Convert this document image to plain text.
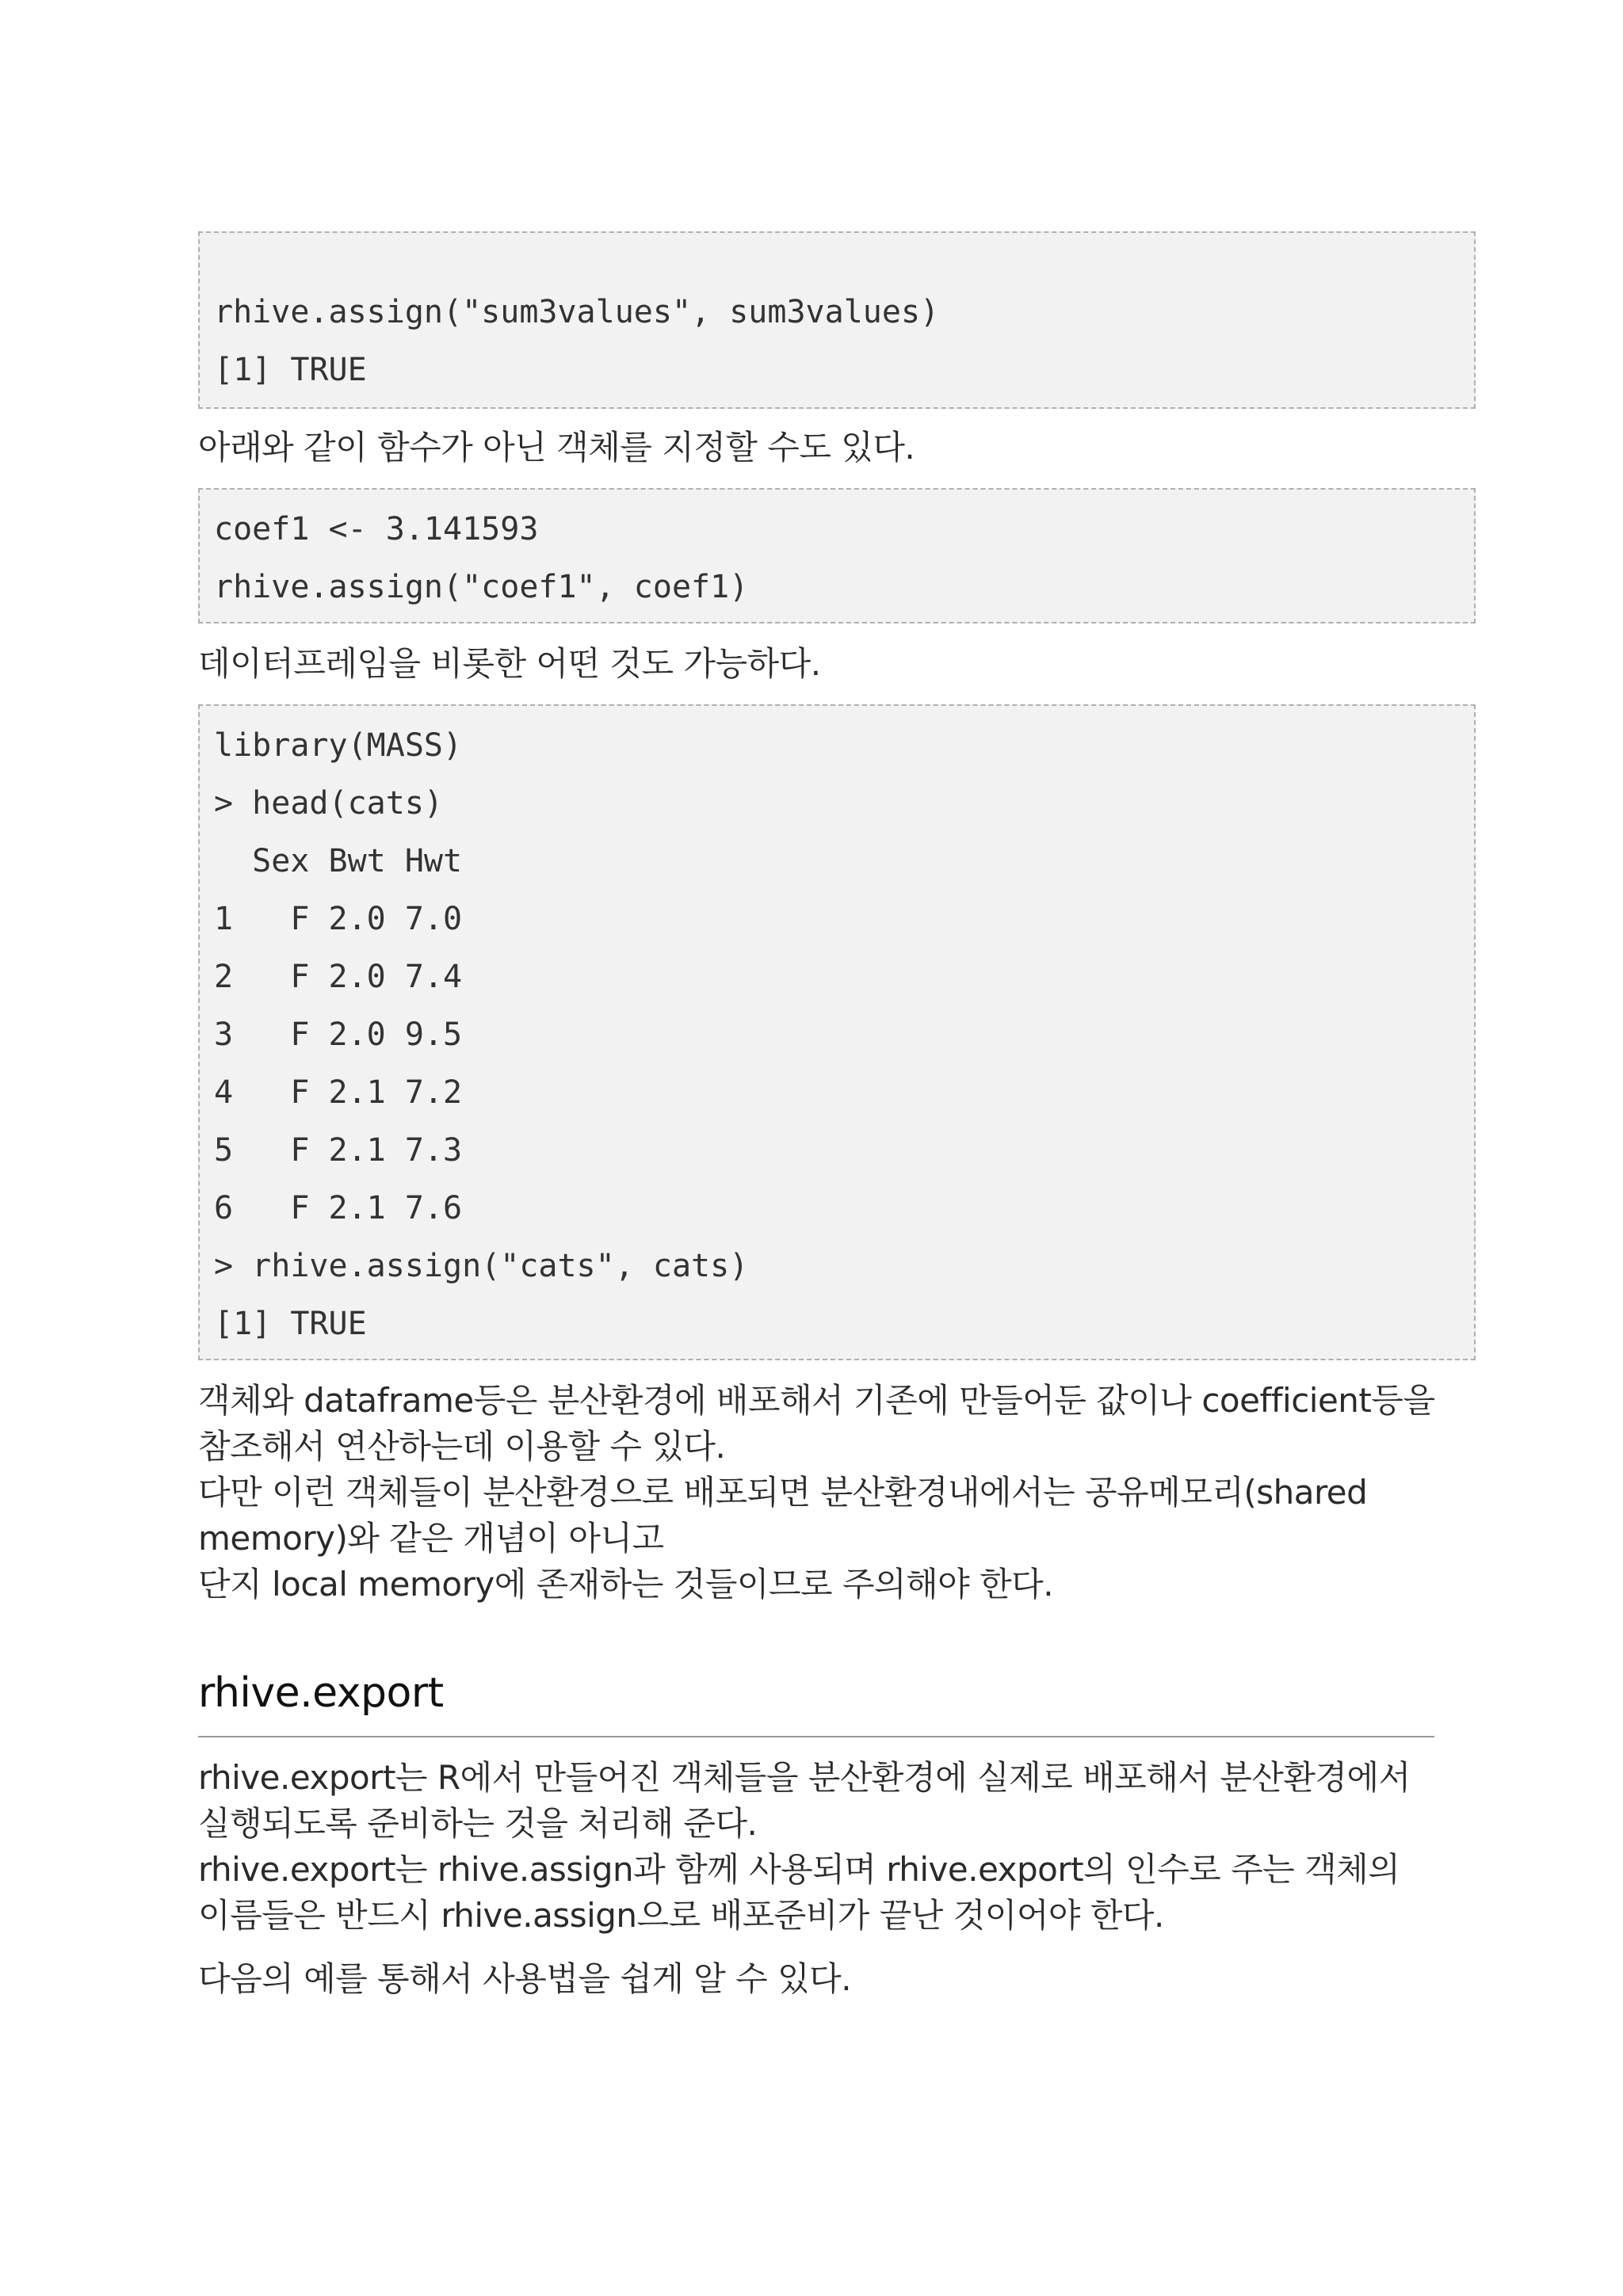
rhive.assign("sum3values", sum3values)
[1] TRUE

아래와 같이 함수가 아닌 객체를 지정할 수도 있다.

coef1 <- 3.141593
rhive.assign("coef1", coef1)

데이터프레임을 비롯한 어떤 것도 가능하다.

library(MASS)
> head(cats)
Sex Bwt Hwt
1   F 2.0 7.0
2   F 2.0 7.4
3   F 2.0 9.5
4   F 2.1 7.2
5   F 2.1 7.3
6   F 2.1 7.6
> rhive.assign("cats", cats)
[1] TRUE

객체와 dataframe등은 분산환경에 배포해서 기존에 만들어둔 값이나 coefficient등을
참조해서 연산하는데 이용할 수 있다.
다만 이런 객체들이 분산환경으로 배포되면 분산환경내에서는 공유메모리(shared
memory)와 같은 개념이 아니고
단지 local memory에 존재하는 것들이므로 주의해야 한다.

rhive.export

rhive.export는 R에서 만들어진 객체들을 분산환경에 실제로 배포해서 분산환경에서
실행되도록 준비하는 것을 처리해 준다.
rhive.export는 rhive.assign과 함께 사용되며 rhive.export의 인수로 주는 객체의
이름들은 반드시 rhive.assign으로 배포준비가 끝난 것이어야 한다.

다음의 예를 통해서 사용법을 쉽게 알 수 있다.
